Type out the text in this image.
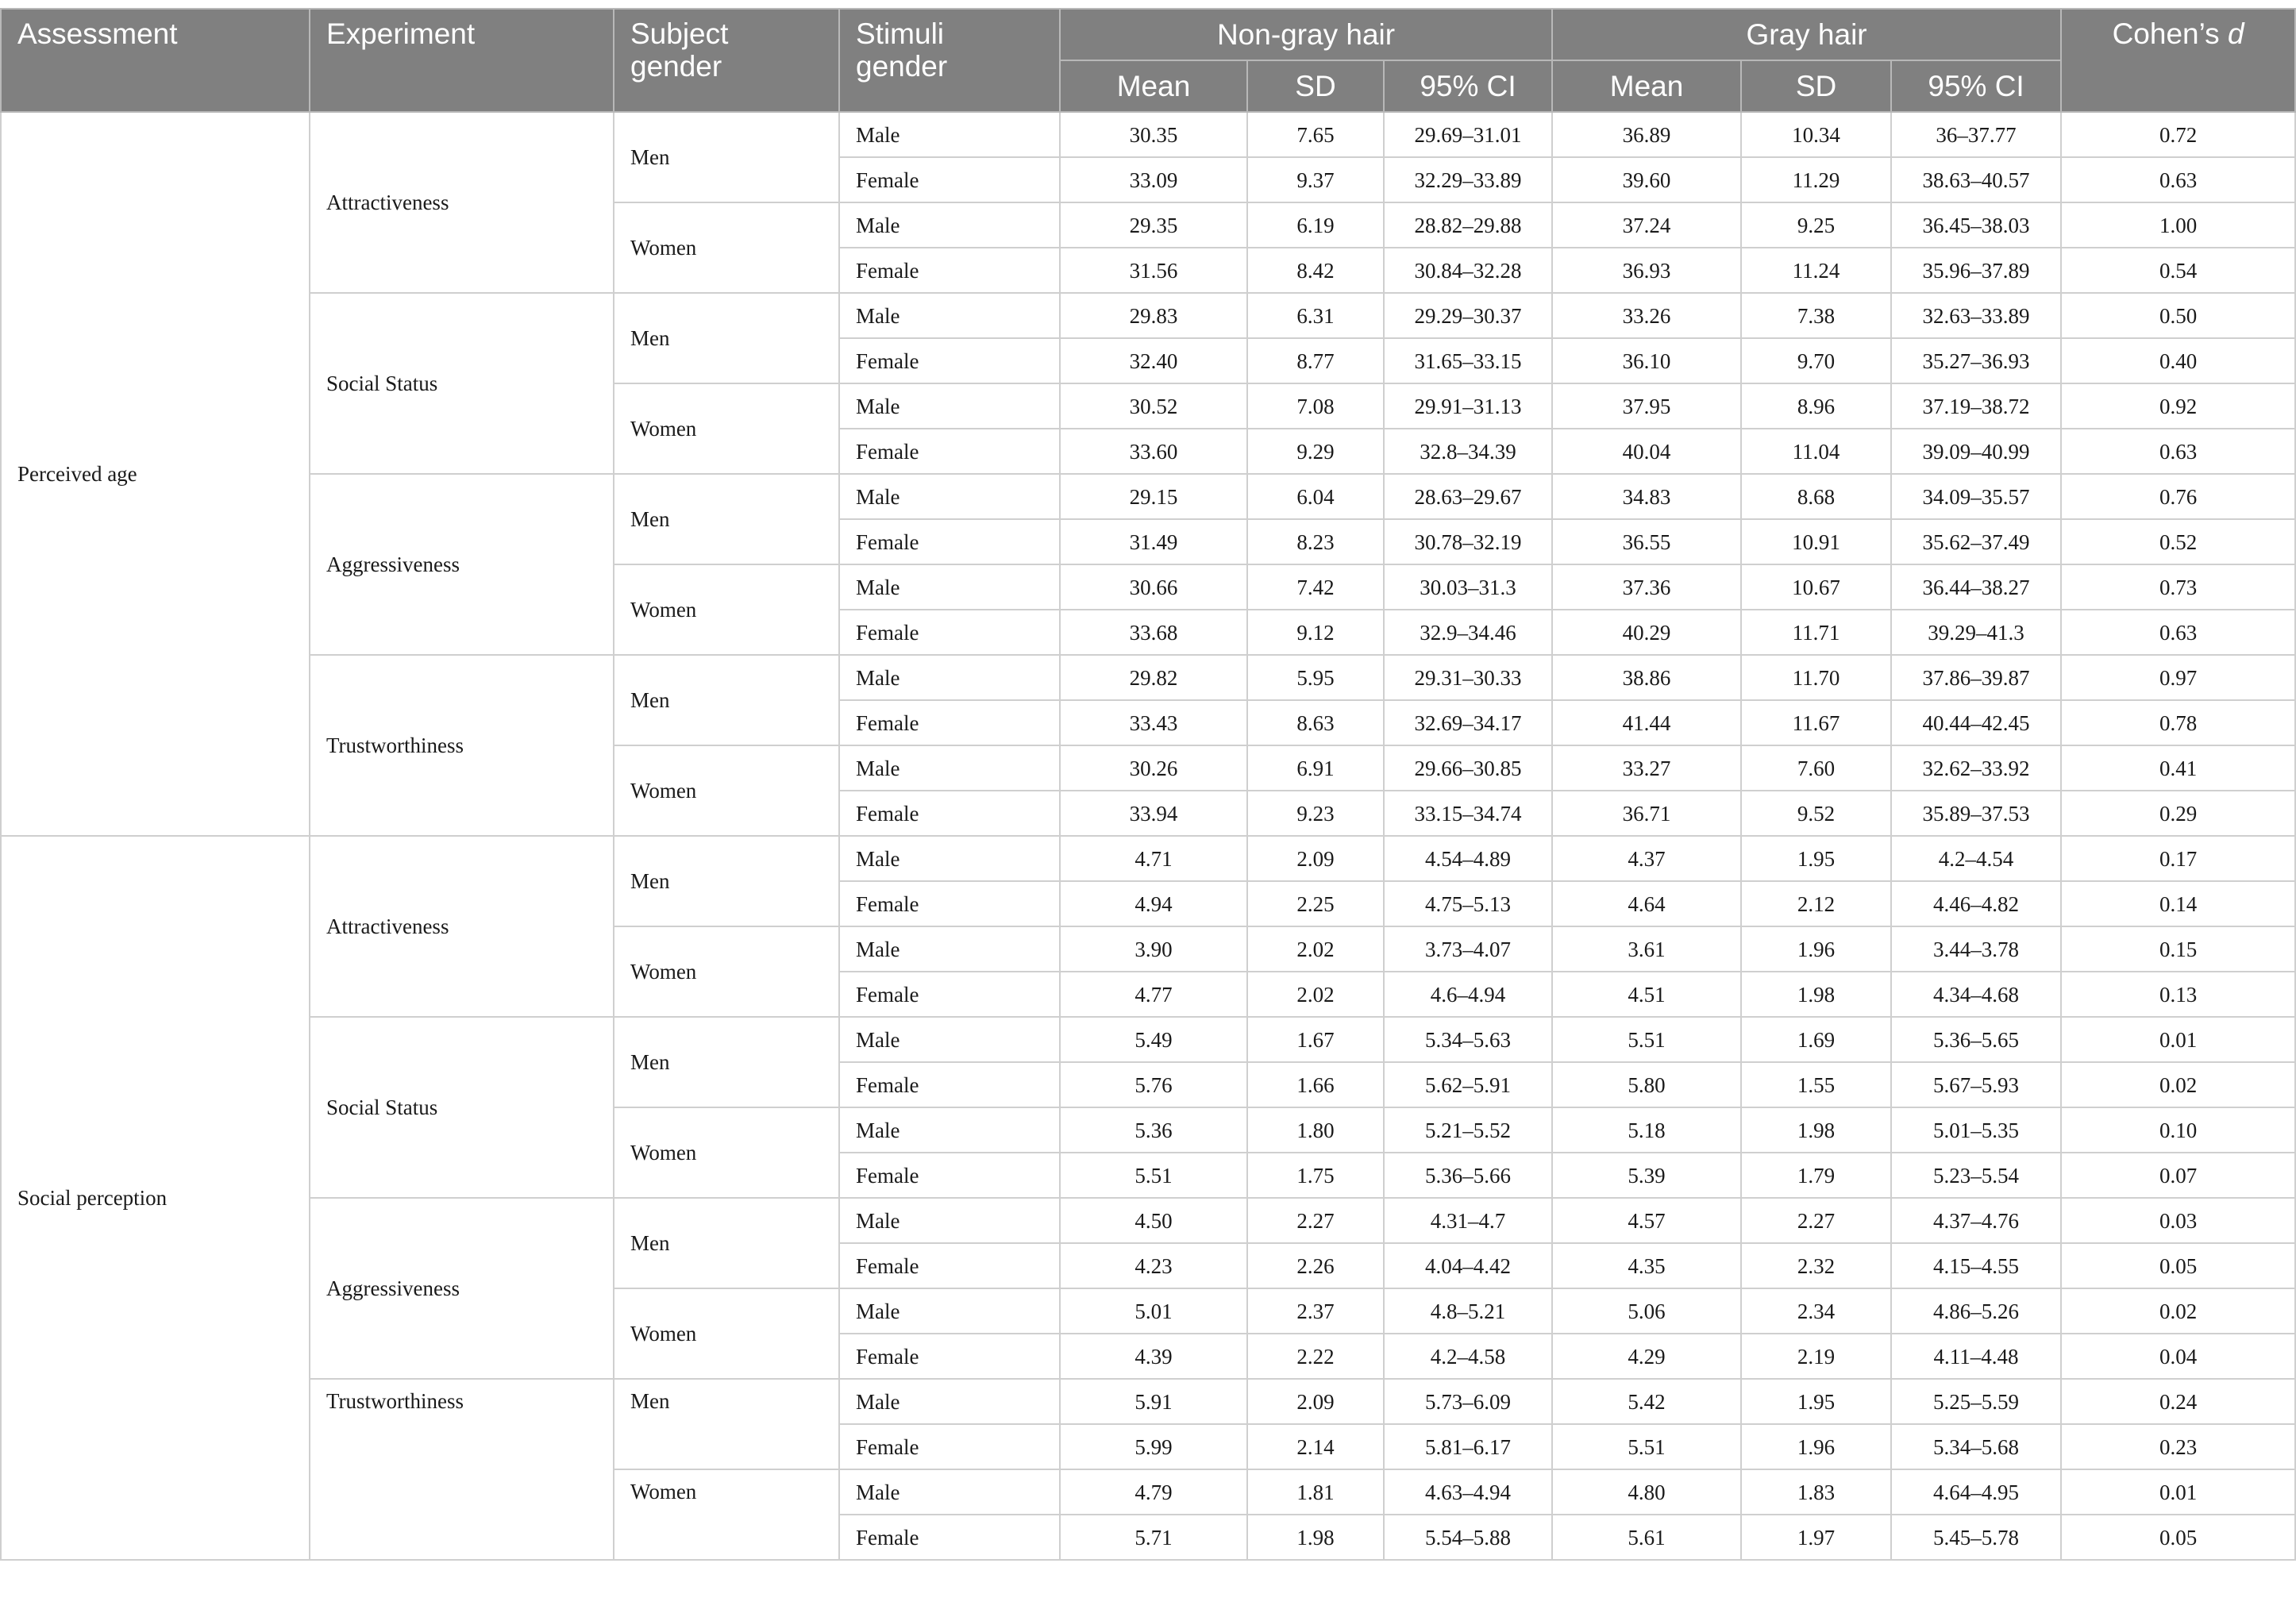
Assessment	Experiment	Subject gender	Stimuli gender	Non-gray hair			Gray hair			Cohen’s d
				Mean	SD	95% CI	Mean	SD	95% CI	
Perceived age	Attractiveness	Men	Male	30.35	7.65	29.69–31.01	36.89	10.34	36–37.77	0.72
			Female	33.09	9.37	32.29–33.89	39.60	11.29	38.63–40.57	0.63
		Women	Male	29.35	6.19	28.82–29.88	37.24	9.25	36.45–38.03	1.00
			Female	31.56	8.42	30.84–32.28	36.93	11.24	35.96–37.89	0.54
	Social Status	Men	Male	29.83	6.31	29.29–30.37	33.26	7.38	32.63–33.89	0.50
			Female	32.40	8.77	31.65–33.15	36.10	9.70	35.27–36.93	0.40
		Women	Male	30.52	7.08	29.91–31.13	37.95	8.96	37.19–38.72	0.92
			Female	33.60	9.29	32.8–34.39	40.04	11.04	39.09–40.99	0.63
	Aggressiveness	Men	Male	29.15	6.04	28.63–29.67	34.83	8.68	34.09–35.57	0.76
			Female	31.49	8.23	30.78–32.19	36.55	10.91	35.62–37.49	0.52
		Women	Male	30.66	7.42	30.03–31.3	37.36	10.67	36.44–38.27	0.73
			Female	33.68	9.12	32.9–34.46	40.29	11.71	39.29–41.3	0.63
	Trustworthiness	Men	Male	29.82	5.95	29.31–30.33	38.86	11.70	37.86–39.87	0.97
			Female	33.43	8.63	32.69–34.17	41.44	11.67	40.44–42.45	0.78
		Women	Male	30.26	6.91	29.66–30.85	33.27	7.60	32.62–33.92	0.41
			Female	33.94	9.23	33.15–34.74	36.71	9.52	35.89–37.53	0.29
Social perception	Attractiveness	Men	Male	4.71	2.09	4.54–4.89	4.37	1.95	4.2–4.54	0.17
			Female	4.94	2.25	4.75–5.13	4.64	2.12	4.46–4.82	0.14
		Women	Male	3.90	2.02	3.73–4.07	3.61	1.96	3.44–3.78	0.15
			Female	4.77	2.02	4.6–4.94	4.51	1.98	4.34–4.68	0.13
	Social Status	Men	Male	5.49	1.67	5.34–5.63	5.51	1.69	5.36–5.65	0.01
			Female	5.76	1.66	5.62–5.91	5.80	1.55	5.67–5.93	0.02
		Women	Male	5.36	1.80	5.21–5.52	5.18	1.98	5.01–5.35	0.10
			Female	5.51	1.75	5.36–5.66	5.39	1.79	5.23–5.54	0.07
	Aggressiveness	Men	Male	4.50	2.27	4.31–4.7	4.57	2.27	4.37–4.76	0.03
			Female	4.23	2.26	4.04–4.42	4.35	2.32	4.15–4.55	0.05
		Women	Male	5.01	2.37	4.8–5.21	5.06	2.34	4.86–5.26	0.02
			Female	4.39	2.22	4.2–4.58	4.29	2.19	4.11–4.48	0.04
	Trustworthiness	Men	Male	5.91	2.09	5.73–6.09	5.42	1.95	5.25–5.59	0.24
			Female	5.99	2.14	5.81–6.17	5.51	1.96	5.34–5.68	0.23
		Women	Male	4.79	1.81	4.63–4.94	4.80	1.83	4.64–4.95	0.01
			Female	5.71	1.98	5.54–5.88	5.61	1.97	5.45–5.78	0.05
